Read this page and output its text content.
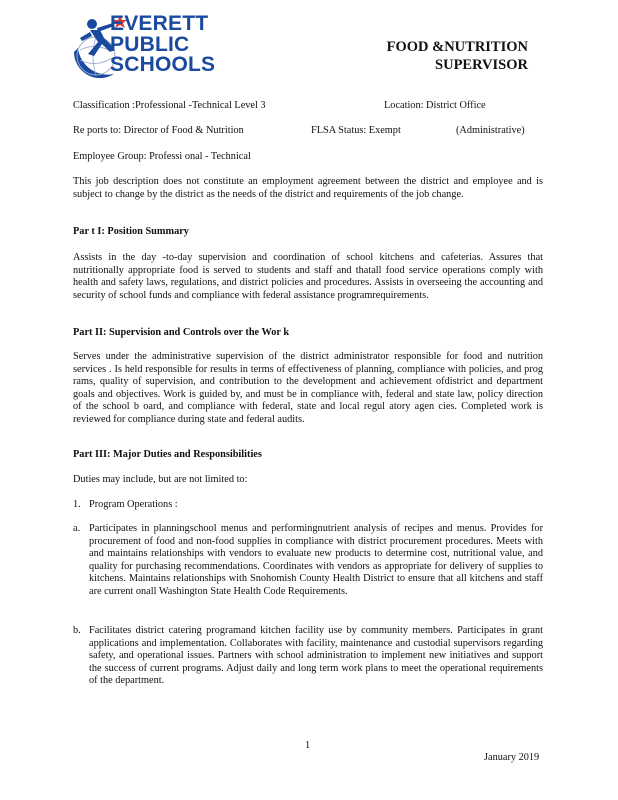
EVERETT
PUBLIC
SCHOOLS
FOOD &NUTRITION
SUPERVISOR
Classification :Professional -Technical Level 3	Location: District Office
Re ports to: Director of Food & Nutrition	FLSA Status: Exempt	(Administrative)
Employee Group: Professi onal - Technical
This job description does not constitute an employment agreement between the district and employee and is subject to change by the district as the needs of the district and requirements of the job change.
Par t I: Position Summary
Assists in the day -to-day supervision and coordination of school kitchens and cafeterias. Assures that nutritionally appropriate food is served to students and staff and thatall food service operations comply with health and safety laws, regulations, and district policies and procedures. Assists in overseeing the accounting and security of school funds and compliance with federal assistance programrequirements.
Part II: Supervision and Controls over the Wor k
Serves under the administrative supervision of the district administrator responsible for food and nutrition services . Is held responsible for results in terms of effectiveness of planning, compliance with policies, and prog rams, quality of supervision, and contribution to the development and achievement ofdistrict and department goals and objectives. Work is guided by, and must be in compliance with, federal and state law, policy direction of the school b oard, and compliance with federal, state and local regul atory agen cies. Completed work is reviewed for compliance during state and federal audits.
Part III: Major Duties and Responsibilities
Duties may include, but are not limited to:
1. Program Operations :
a. Participates in planningschool menus and performingnutrient analysis of recipes and menus. Provides for procurement of food and non-food supplies in compliance with district procurement procedures. Meets with and maintains relationships with vendors to evaluate new products to determine cost, nutritional value, and quality for purchasing recommendations. Coordinates with vendors as appropriate for delivery of supplies to kitchens. Maintains relationships with Snohomish County Health District to ensure that all kitchens and staff are current onall Washington State Health Code Requirements.
b. Facilitates district catering programand kitchen facility use by community members. Participates in grant applications and implementation. Collaborates with facility, maintenance and custodial supervisors regarding safety, and operational issues. Partners with school administration to implement new initiatives and support the success of current programs. Adjust daily and long term work plans to meet the operational requirements of the department.
1
January 2019
